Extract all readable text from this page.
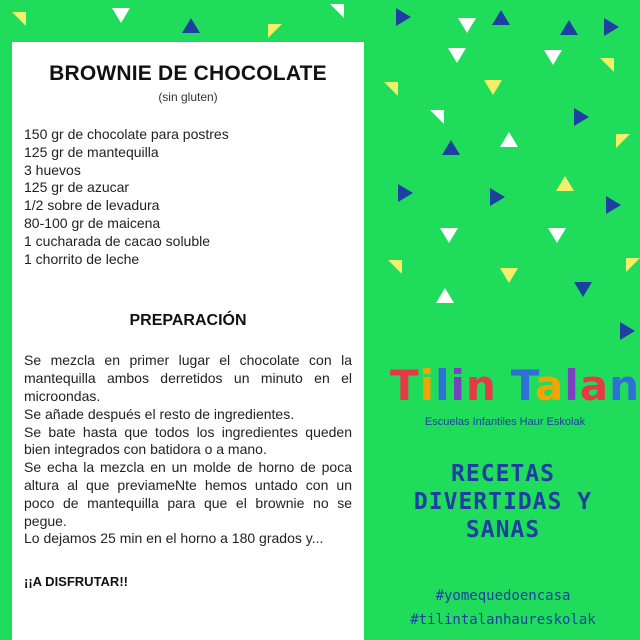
BROWNIE DE CHOCOLATE
(sin gluten)
150 gr de chocolate para postres
125 gr de mantequilla
3 huevos
125 gr de azucar
1/2 sobre de levadura
80-100 gr de maicena
1 cucharada de cacao soluble
1 chorrito de leche
PREPARACIÓN

Se mezcla en primer lugar el chocolate con la mantequilla ambos derretidos un minuto en el microondas.

Se añade después el resto de ingredientes.

Se bate hasta que todos los ingredientes queden bien integrados con batidora o a mano.

Se echa la mezcla en un molde de horno de poca altura al que previameNte hemos untado con un poco de mantequilla para que el brownie no se pegue.

Lo dejamos 25 min en el horno a 180 grados y...

¡¡A DISFRUTAR!!
Tilin Talan
Escuelas Infantiles Haur Eskolak
RECETAS
DIVERTIDAS Y
SANAS
#yomequedoencasa
#tilintalanhaureskolak
